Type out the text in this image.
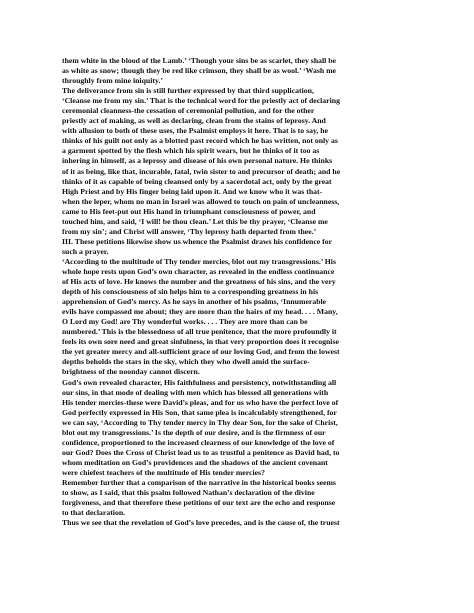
them white in the blood of the Lamb.’ ‘Though your sins be as scarlet, they shall be
as white as snow; though they be red like crimson, they shall be as wool.’ ‘Wash me
throughly from mine iniquity.’
The deliverance from sin is still further expressed by that third supplication,
‘Cleanse me from my sin.’ That is the technical word for the priestly act of declaring
ceremonial cleanness-the cessation of ceremonial pollution, and for the other
priestly act of making, as well as declaring, clean from the stains of leprosy. And
with allusion to both of these uses, the Psalmist employs it here. That is to say, he
thinks of his guilt not only as a blotted past record which he has written, not only as
a garment spotted by the flesh which his spirit wears, but he thinks of it too as
inhering in himself, as a leprosy and disease of his own personal nature. He thinks
of it as being, like that, incurable, fatal, twin sister to and precursor of death; and he
thinks of it as capable of being cleansed only by a sacerdotal act, only by the great
High Priest and by His finger being laid upon it. And we know who it was that-
when the leper, whom no man in Israel was allowed to touch on pain of uncleanness,
came to His feet-put out His hand in triumphant consciousness of power, and
touched him, and said, ‘I will! be thou clean.’ Let this be thy prayer, ‘Cleanse me
from my sin’; and Christ will answer, ‘Thy leprosy hath departed from thee.’
III. These petitions likewise show us whence the Psalmist draws his confidence for
such a prayer.
‘According to the multitude of Thy tender mercies, blot out my transgressions.’ His
whole hope rests upon God’s own character, as revealed in the endless continuance
of His acts of love. He knows the number and the greatness of his sins, and the very
depth of his consciousness of sin helps him to a corresponding greatness in his
apprehension of God’s mercy. As he says in another of his psalms, ‘Innumerable
evils have compassed me about; they are more than the hairs of my head. . . . Many,
O Lord my God! are Thy wonderful works. . . . They are more than can be
numbered.’ This is the blessedness of all true penitence, that the more profoundly it
feels its own sore need and great sinfulness, in that very proportion does it recognise
the yet greater mercy and all-sufficient grace of our loving God, and from the lowest
depths beholds the stars in the sky, which they who dwell amid the surface-
brightness of the noonday cannot discern.
God’s own revealed character, His faithfulness and persistency, notwithstanding all
our sins, in that mode of dealing with men which has blessed all generations with
His tender mercies-these were David’s pleas, and for us who have the perfect love of
God perfectly expressed in His Son, that same plea is incalculably strengthened, for
we can say, ‘According to Thy tender mercy in Thy dear Son, for the sake of Christ,
blot out my transgressions.’ Is the depth of our desire, and is the firmness of our
confidence, proportioned to the increased clearness of our knowledge of the love of
our God? Does the Cross of Christ lead us to as trustful a penitence as David had, to
whom meditation on God’s providences and the shadows of the ancient covenant
were chiefest teachers of the multitude of His tender mercies?
Remember further that a comparison of the narrative in the historical books seems
to show, as I said, that this psalm followed Nathan’s declaration of the divine
forgiveness, and that therefore these petitions of our text are the echo and response
to that declaration.
Thus we see that the revelation of God’s love precedes, and is the cause of, the truest
